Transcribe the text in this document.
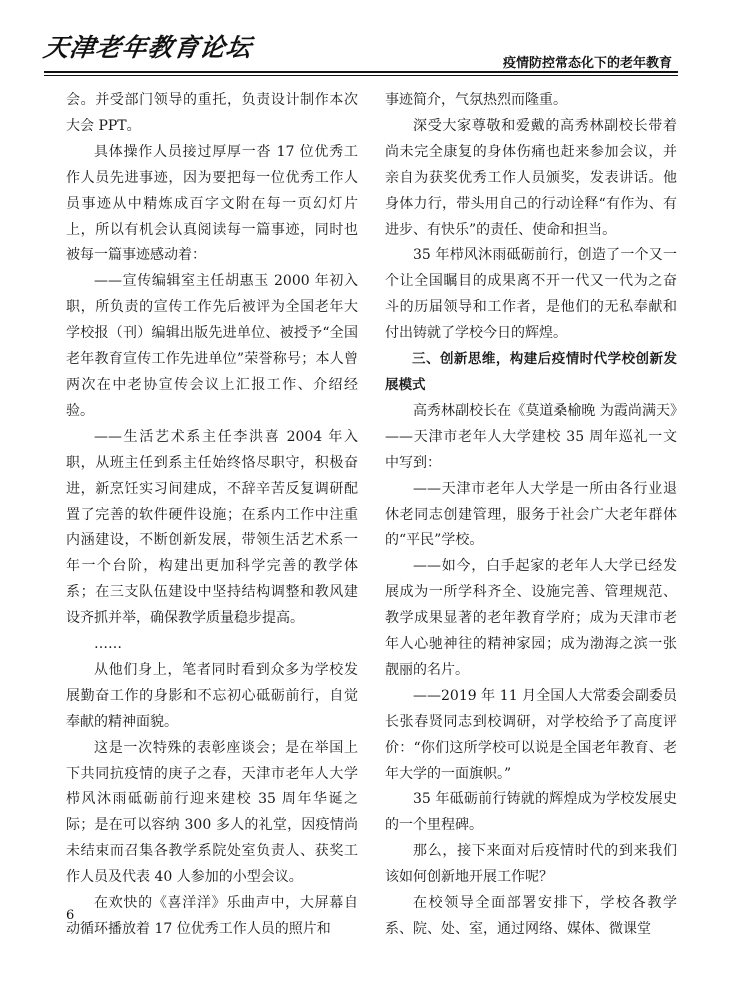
天津老年教育论坛
疫情防控常态化下的老年教育

会。并受部门领导的重托，负责设计制作本次大会 PPT。

具体操作人员接过厚厚一沓 17 位优秀工作人员先进事迹，因为要把每一位优秀工作人员事迹从中精炼成百字文附在每一页幻灯片上，所以有机会认真阅读每一篇事迹，同时也被每一篇事迹感动着：

——宣传编辑室主任胡惠玉 2000 年初入职，所负责的宣传工作先后被评为全国老年大学校报（刊）编辑出版先进单位、被授予“全国老年教育宣传工作先进单位”荣誉称号；本人曾两次在中老协宣传会议上汇报工作、介绍经验。

——生活艺术系主任李洪喜 2004 年入职，从班主任到系主任始终恪尽职守，积极奋进，新烹饪实习间建成，不辞辛苦反复调研配置了完善的软件硬件设施；在系内工作中注重内涵建设，不断创新发展，带领生活艺术系一年一个台阶，构建出更加科学完善的教学体系；在三支队伍建设中坚持结构调整和教风建设齐抓并举，确保教学质量稳步提高。

……

从他们身上，笔者同时看到众多为学校发展勤奋工作的身影和不忘初心砥砺前行，自觉奉献的精神面貌。

这是一次特殊的表彰座谈会；是在举国上下共同抗疫情的庚子之春，天津市老年人大学栉风沐雨砥砺前行迎来建校 35 周年华诞之际；是在可以容纳 300 多人的礼堂，因疫情尚未结束而召集各教学系院处室负责人、获奖工作人员及代表 40 人参加的小型会议。

在欢快的《喜洋洋》乐曲声中，大屏幕自动循环播放着 17 位优秀工作人员的照片和

事迹简介，气氛热烈而隆重。

深受大家尊敬和爱戴的高秀林副校长带着尚未完全康复的身体伤痛也赶来参加会议，并亲自为获奖优秀工作人员颁奖，发表讲话。他身体力行，带头用自己的行动诠释“有作为、有进步、有快乐”的责任、使命和担当。

35 年栉风沐雨砥砺前行，创造了一个又一个让全国瞩目的成果离不开一代又一代为之奋斗的历届领导和工作者，是他们的无私奉献和付出铸就了学校今日的辉煌。

三、创新思维，构建后疫情时代学校创新发展模式

高秀林副校长在《莫道桑榆晚 为霞尚满天》——天津市老年人大学建校 35 周年巡礼一文中写到：

——天津市老年人大学是一所由各行业退休老同志创建管理，服务于社会广大老年群体的“平民”学校。

——如今，白手起家的老年人大学已经发展成为一所学科齐全、设施完善、管理规范、教学成果显著的老年教育学府；成为天津市老年人心驰神往的精神家园；成为渤海之滨一张靓丽的名片。

——2019 年 11 月全国人大常委会副委员长张春贤同志到校调研，对学校给予了高度评价：“你们这所学校可以说是全国老年教育、老年大学的一面旗帜。”

35 年砥砺前行铸就的辉煌成为学校发展史的一个里程碑。

那么，接下来面对后疫情时代的到来我们该如何创新地开展工作呢？

在校领导全面部署安排下，学校各教学系、院、处、室，通过网络、媒体、微课堂

6
